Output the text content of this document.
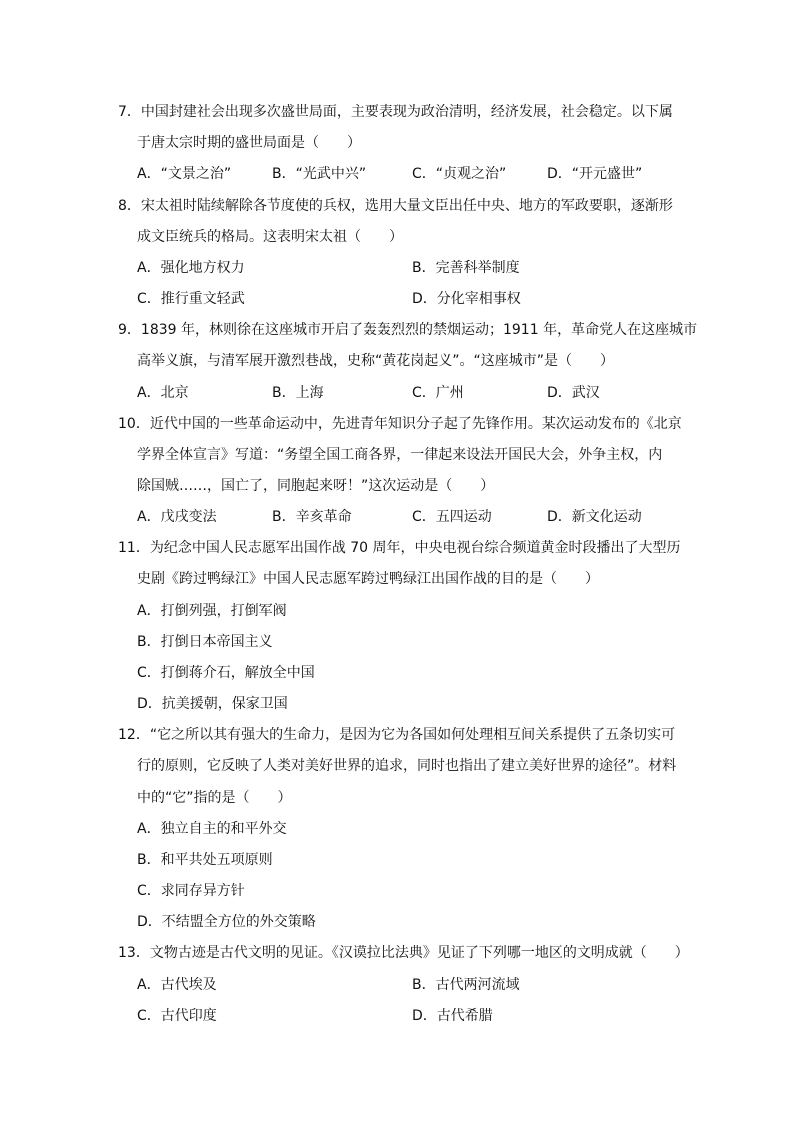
7．中国封建社会出现多次盛世局面，主要表现为政治清明，经济发展，社会稳定。以下属
于唐太宗时期的盛世局面是（　　）
A．“文景之治”	B．“光武中兴”	C．“贞观之治”	D．“开元盛世”
8．宋太祖时陆续解除各节度使的兵权，选用大量文臣出任中央、地方的军政要职，逐渐形
成文臣统兵的格局。这表明宋太祖（　　）
A．强化地方权力	B．完善科举制度
C．推行重文轻武	D．分化宰相事权
9．1839 年，林则徐在这座城市开启了轰轰烈烈的禁烟运动；1911 年，革命党人在这座城市
高举义旗，与清军展开激烈巷战，史称“黄花岗起义”。“这座城市”是（　　）
A．北京	B．上海	C．广州	D．武汉
10．近代中国的一些革命运动中，先进青年知识分子起了先锋作用。某次运动发布的《北京
学界全体宣言》写道：“务望全国工商各界，一律起来设法开国民大会，外争主权，内
除国贼……，国亡了，同胞起来呀！”这次运动是（　　）
A．戊戌变法	B．辛亥革命	C．五四运动	D．新文化运动
11．为纪念中国人民志愿军出国作战 70 周年，中央电视台综合频道黄金时段播出了大型历
史剧《跨过鸭绿江》中国人民志愿军跨过鸭绿江出国作战的目的是（　　）
A．打倒列强，打倒军阀
B．打倒日本帝国主义
C．打倒蒋介石，解放全中国
D．抗美援朝，保家卫国
12．“它之所以其有强大的生命力，是因为它为各国如何处理相互间关系提供了五条切实可
行的原则，它反映了人类对美好世界的追求，同时也指出了建立美好世界的途径”。材料
中的“它”指的是（　　）
A．独立自主的和平外交
B．和平共处五项原则
C．求同存异方针
D．不结盟全方位的外交策略
13．文物古迹是古代文明的见证。《汉谟拉比法典》见证了下列哪一地区的文明成就（　　）
A．古代埃及	B．古代两河流域
C．古代印度	D．古代希腊
